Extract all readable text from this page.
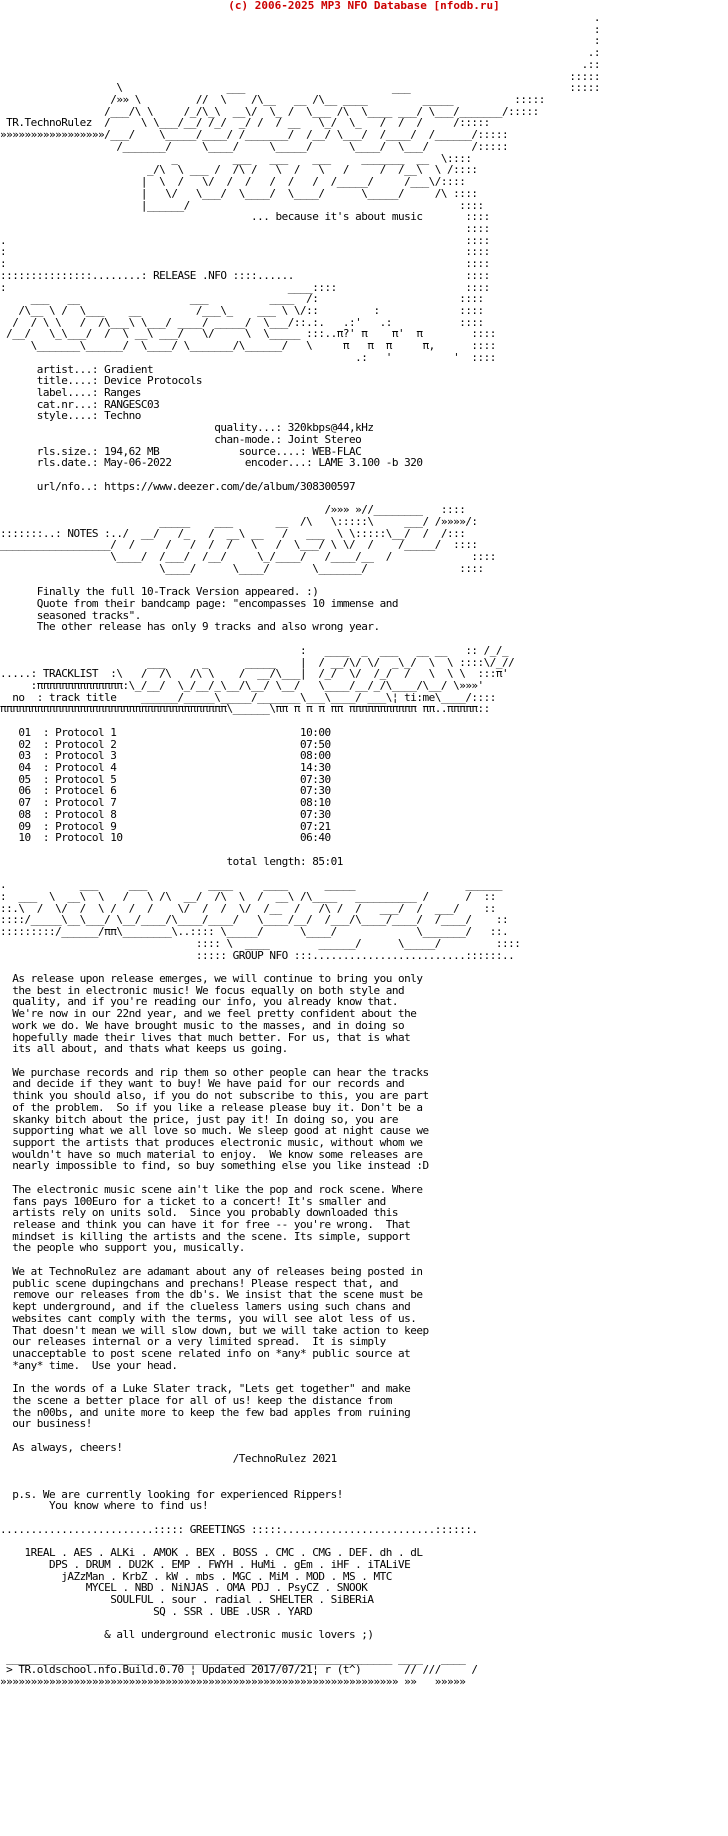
(c) 2006-2025 MP3 NFO Database [nfodb.ru]
.
:
:
.:
.::
:::::
\                 ___                        ___                          :::::
/»» \         //  \    /\__   __ /\__ ____         _____          :::::
/___/\ \     /_/\_\  __\/  \_ /  \___ /\  \____ ___/ \___/_______/:::::
TR.TechnoRulez  /     \ \___/__/ /_/  _/ /  / __   \_/  \_   /  /  /     /:::::
»»»»»»»»»»»»»»»»»/___/    \_____/____/ /_______/  /__/ \___/  /____/  /______/:::::
/_______/     \____/     \_____/      \____/  \___/       /:::::
_         ___   ___    ___     _______  __  \::::
_/\  \ ___ /  /\ /   \  /   \   /     /  /__\  \ /::::
|  \  /   \/  /  /   /  /   /  /_____/     /___\/::::
|   \/   \___/  \____/  \____/      \_____/     /\ ::::
|______/                                            ::::
... because it's about music       ::::
::::
.                                                                           ::::
:                                                                           ::::
:                                                                           ::::
:::::::::::::::........: RELEASE .NFO ::::......                            ::::
:                                              ____::::                     ::::
___   __                  ___          ____  /:                       ::::
/\__ \ /  \___    __         /___\_    ___ \ \/::         :             ::::
/  / \ \   /  /\___\ \___/ ____/ _____/  \___/::.:.   .:'   .:           ::::
/__/   \_\___/  /  \ __\ ___/   \/     \  \_____ :::..π?' π    π'  π        ::::
\_______\______/  \____/ \_______/\______/   \     π   π  π     π,      ::::
.:   '          '  ::::
artist...: Gradient
title....: Device Protocols
label....: Ranges
cat.nr...: RANGESC03
style....: Techno
quality...: 320kbps@44,kHz
chan-mode.: Joint Stereo
rls.size.: 194,62 MB             source....: WEB-FLAC
rls.date.: May-06-2022            encoder...: LAME 3.100 -b 320

url/nfo..: https://www.deezer.com/de/album/308300597

/»»» »//________   ::::
_____    ___       __  /\   \:::::\     ___/ /»»»»/:
:::::::..: NOTES :../  __/   /_   /  __\ __   /   ___  \ \:::::\__/  /  /:::
__________________/  /     /   /  /  /   \   /  \___/ \ \/  /    /_____/  ::::
\____/  /___/  /__/     \_/____/   /____/__  /             ::::
\____/      \____/       \_______/               ::::

Finally the full 10-Track Version appeared. :)
Quote from their bandcamp page: "encompasses 10 immense and
seasoned tracks".
The other release has only 9 tracks and also wrong year.

:   ____  _  ___   __ __   :: /_/_
___      _      _____    |  / __/\/ \/  _\_/  \  \ ::::\/_//
.....: TRACKLIST  :\   /  /\   /\ \    /  __/\___|  /_/  \/  /_/  /   \  \ \  :::π'
:ππππππππππππππ:\_/__/  \_/__/_\__/\__/ \__/   \____/__/_/\____/\__/ \»»»'
no  : track title    ______/_____\_____/_______\___\____/ ___\¦ ti:me\____/::::
πππππππππππππππππππππππππππππππππππππ\______\ππ π π π ππ πππππππππππ ππ..πππππ::

01  : Protocol 1                              10:00
02  : Protocol 2                              07:50
03  : Protocol 3                              08:00
04  : Protocol 4                              14:30
05  : Protocol 5                              07:30
06  : Protocel 6                              07:30
07  : Protocol 7                              08:10
08  : Protocol 8                              07:30
09  : Protocol 9                              07:21
10  : Protocol 10                             06:40

total length: 85:01

.            ___     ___          ____     ____      _____                  ______
:  ___  \  __\  \   /   \ /\  __/  /\  \  /  __\ /\____   __________ /      /  ::
::.\  /  \/  /  \ /  /  /    \/  /  /  \/  /__  /   /\ /  /   ___/  /  ___/    ::
::::/_____\__\___/ \__/____/\____/____/   \____/__/  /___/\____/____/  /____/    ::
:::::::::/______/ππ\________\..:::: \_____/      \____/             \_______/   ::.
:::: \  ____        ______/      \_____/         ::::
::::: GROUP NFO :::.........................::::::..

As release upon release emerges, we will continue to bring you only
the best in electronic music! We focus equally on both style and
quality, and if you're reading our info, you already know that.
We're now in our 22nd year, and we feel pretty confident about the
work we do. We have brought music to the masses, and in doing so
hopefully made their lives that much better. For us, that is what
its all about, and thats what keeps us going.

We purchase records and rip them so other people can hear the tracks
and decide if they want to buy! We have paid for our records and
think you should also, if you do not subscribe to this, you are part
of the problem.  So if you like a release please buy it. Don't be a
skanky bitch about the price, just pay it! In doing so, you are
supporting what we all love so much. We sleep good at night cause we
support the artists that produces electronic music, without whom we
wouldn't have so much material to enjoy.  We know some releases are
nearly impossible to find, so buy something else you like instead :D

The electronic music scene ain't like the pop and rock scene. Where
fans pays 100Euro for a ticket to a concert! It's smaller and
artists rely on units sold.  Since you probably downloaded this
release and think you can have it for free -- you're wrong.  That
mindset is killing the artists and the scene. Its simple, support
the people who support you, musically.

We at TechnoRulez are adamant about any of releases being posted in
public scene dupingchans and prechans! Please respect that, and
remove our releases from the db's. We insist that the scene must be
kept underground, and if the clueless lamers using such chans and
websites cant comply with the terms, you will see alot less of us.
That doesn't mean we will slow down, but we will take action to keep
our releases internal or a very limited spread.  It is simply
unacceptable to post scene related info on *any* public source at
*any* time.  Use your head.

In the words of a Luke Slater track, "Lets get together" and make
the scene a better place for all of us! keep the distance from
the n00bs, and unite more to keep the few bad apples from ruining
our business!

As always, cheers!
/TechnoRulez 2021

p.s. We are currently looking for experienced Rippers!
You know where to find us!

.........................::::: GREETINGS :::::.........................::::::.

1REAL . AES . ALKi . AMOK . BEX . BOSS . CMC . CMG . DEF. dh . dL
DPS . DRUM . DU2K . EMP . FWYH . HuMi . gEm . iHF . iTALiVE
jAZzMan . KrbZ . kW . mbs . MGC . MiM . MOD . MS . MTC
MYCEL . NBD . NiNJAS . OMA PDJ . PsyCZ . SNOOK
SOULFUL . sour . radial . SHELTER . SiBERiA
SQ . SSR . UBE .USR . YARD

& all underground electronic music lovers ;)

_______________________________________________________________ ____   ____
> TR.oldschool.nfo.Build.0.70 ¦ Updated 2017/07/21¦ r (t^)       // ///     /
»»»»»»»»»»»»»»»»»»»»»»»»»»»»»»»»»»»»»»»»»»»»»»»»»»»»»»»»»»»»»»»»» »»   »»»»»
